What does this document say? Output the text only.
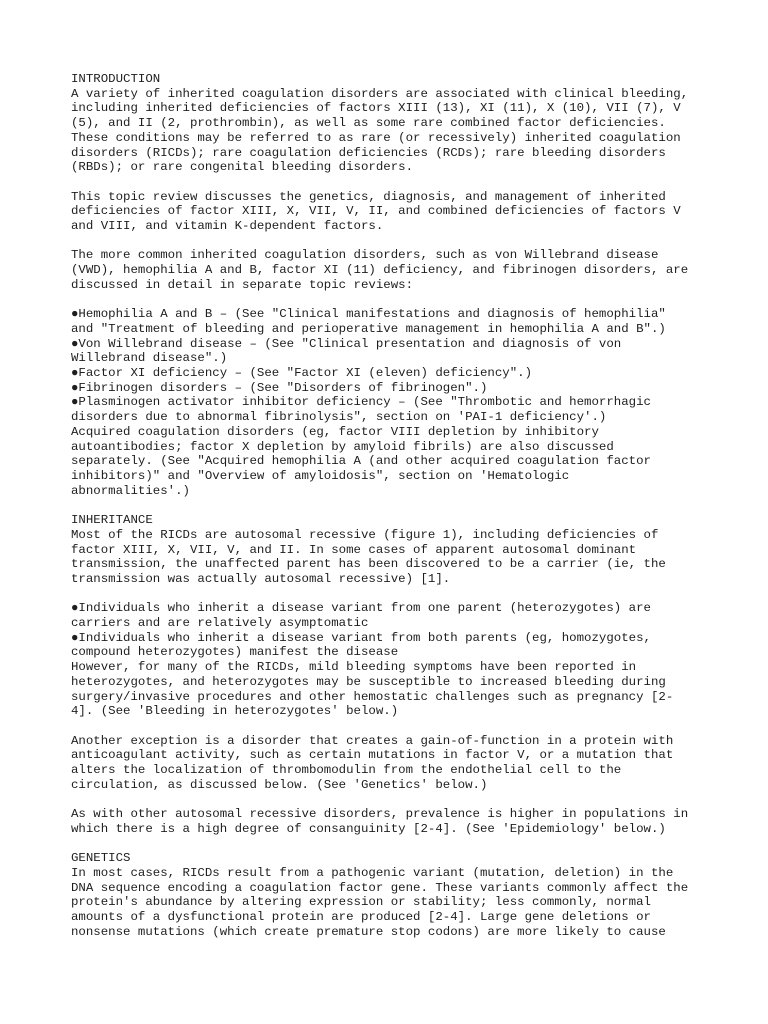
INTRODUCTION
A variety of inherited coagulation disorders are associated with clinical bleeding,
including inherited deficiencies of factors XIII (13), XI (11), X (10), VII (7), V
(5), and II (2, prothrombin), as well as some rare combined factor deficiencies.
These conditions may be referred to as rare (or recessively) inherited coagulation
disorders (RICDs); rare coagulation deficiencies (RCDs); rare bleeding disorders
(RBDs); or rare congenital bleeding disorders.

This topic review discusses the genetics, diagnosis, and management of inherited
deficiencies of factor XIII, X, VII, V, II, and combined deficiencies of factors V
and VIII, and vitamin K-dependent factors.

The more common inherited coagulation disorders, such as von Willebrand disease
(VWD), hemophilia A and B, factor XI (11) deficiency, and fibrinogen disorders, are
discussed in detail in separate topic reviews:

●Hemophilia A and B – (See "Clinical manifestations and diagnosis of hemophilia"
and "Treatment of bleeding and perioperative management in hemophilia A and B".)
●Von Willebrand disease – (See "Clinical presentation and diagnosis of von
Willebrand disease".)
●Factor XI deficiency – (See "Factor XI (eleven) deficiency".)
●Fibrinogen disorders – (See "Disorders of fibrinogen".)
●Plasminogen activator inhibitor deficiency – (See "Thrombotic and hemorrhagic
disorders due to abnormal fibrinolysis", section on 'PAI-1 deficiency'.)
Acquired coagulation disorders (eg, factor VIII depletion by inhibitory
autoantibodies; factor X depletion by amyloid fibrils) are also discussed
separately. (See "Acquired hemophilia A (and other acquired coagulation factor
inhibitors)" and "Overview of amyloidosis", section on 'Hematologic
abnormalities'.)

INHERITANCE
Most of the RICDs are autosomal recessive (figure 1), including deficiencies of
factor XIII, X, VII, V, and II. In some cases of apparent autosomal dominant
transmission, the unaffected parent has been discovered to be a carrier (ie, the
transmission was actually autosomal recessive) [1].

●Individuals who inherit a disease variant from one parent (heterozygotes) are
carriers and are relatively asymptomatic
●Individuals who inherit a disease variant from both parents (eg, homozygotes,
compound heterozygotes) manifest the disease
However, for many of the RICDs, mild bleeding symptoms have been reported in
heterozygotes, and heterozygotes may be susceptible to increased bleeding during
surgery/invasive procedures and other hemostatic challenges such as pregnancy [2-
4]. (See 'Bleeding in heterozygotes' below.)

Another exception is a disorder that creates a gain-of-function in a protein with
anticoagulant activity, such as certain mutations in factor V, or a mutation that
alters the localization of thrombomodulin from the endothelial cell to the
circulation, as discussed below. (See 'Genetics' below.)

As with other autosomal recessive disorders, prevalence is higher in populations in
which there is a high degree of consanguinity [2-4]. (See 'Epidemiology' below.)

GENETICS
In most cases, RICDs result from a pathogenic variant (mutation, deletion) in the
DNA sequence encoding a coagulation factor gene. These variants commonly affect the
protein's abundance by altering expression or stability; less commonly, normal
amounts of a dysfunctional protein are produced [2-4]. Large gene deletions or
nonsense mutations (which create premature stop codons) are more likely to cause
